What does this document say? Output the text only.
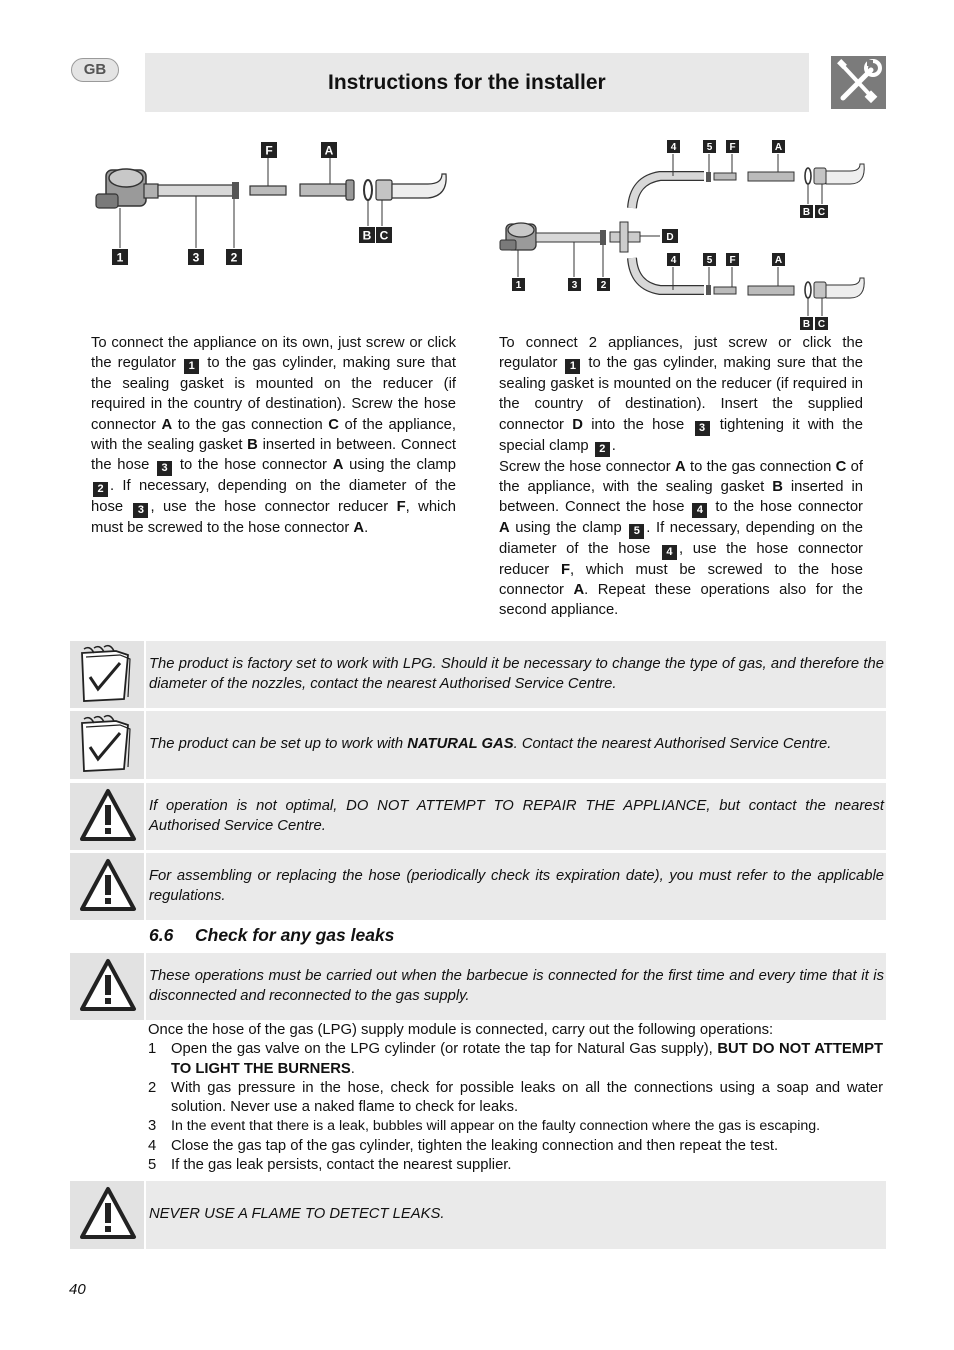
GB
Instructions for the installer
F	A
B C
1	3	2
4	5 F	A
B C
D
4	5 F	A
B C
1	3 2

To connect the appliance on its own, just screw or click the regulator 1 to the gas cylinder, making sure that the sealing gasket is mounted on the reducer (if required in the country of destination). Screw the hose connector A to the gas connection C of the appliance, with the sealing gasket B inserted in between. Connect the hose 3 to the hose connector A using the clamp 2 . If necessary, depending on the diameter of the hose 3 , use the hose connector reducer F, which must be screwed to the hose connector A.

To connect 2 appliances, just screw or click the regulator 1 to the gas cylinder, making sure that the sealing gasket is mounted on the reducer (if required in the country of destination). Insert the supplied connector D into the hose 3 tightening it with the special clamp 2 .

Screw the hose connector A to the gas connection C of the appliance, with the sealing gasket B inserted in between. Connect the hose 4 to the hose connector A using the clamp 5 . If necessary, depending on the diameter of the hose 4 , use the hose connector reducer F, which must be screwed to the hose connector A. Repeat these operations also for the second appliance.

The product is factory set to work with LPG. Should it be necessary to change the type of gas, and therefore the diameter of the nozzles, contact the nearest Authorised Service Centre.
The product can be set up to work with NATURAL GAS. Contact the nearest Authorised Service Centre.
If operation is not optimal, DO NOT ATTEMPT TO REPAIR THE APPLIANCE, but contact the nearest Authorised Service Centre.
For assembling or replacing the hose (periodically check its expiration date), you must refer to the applicable regulations.
6.6 Check for any gas leaks
These operations must be carried out when the barbecue is connected for the first time and every time that it is disconnected and reconnected to the gas supply.

Once the hose of the gas (LPG) supply module is connected, carry out the following operations:

1 Open the gas valve on the LPG cylinder (or rotate the tap for Natural Gas supply), BUT DO NOT ATTEMPT TO LIGHT THE BURNERS.
2 With gas pressure in the hose, check for possible leaks on all the connections using a soap and water solution. Never use a naked flame to check for leaks.
3	In the event that there is a leak, bubbles will appear on the faulty connection where the gas is escaping.
4 Close the gas tap of the gas cylinder, tighten the leaking connection and then repeat the test.
5 If the gas leak persists, contact the nearest supplier.
NEVER USE A FLAME TO DETECT LEAKS.
40
